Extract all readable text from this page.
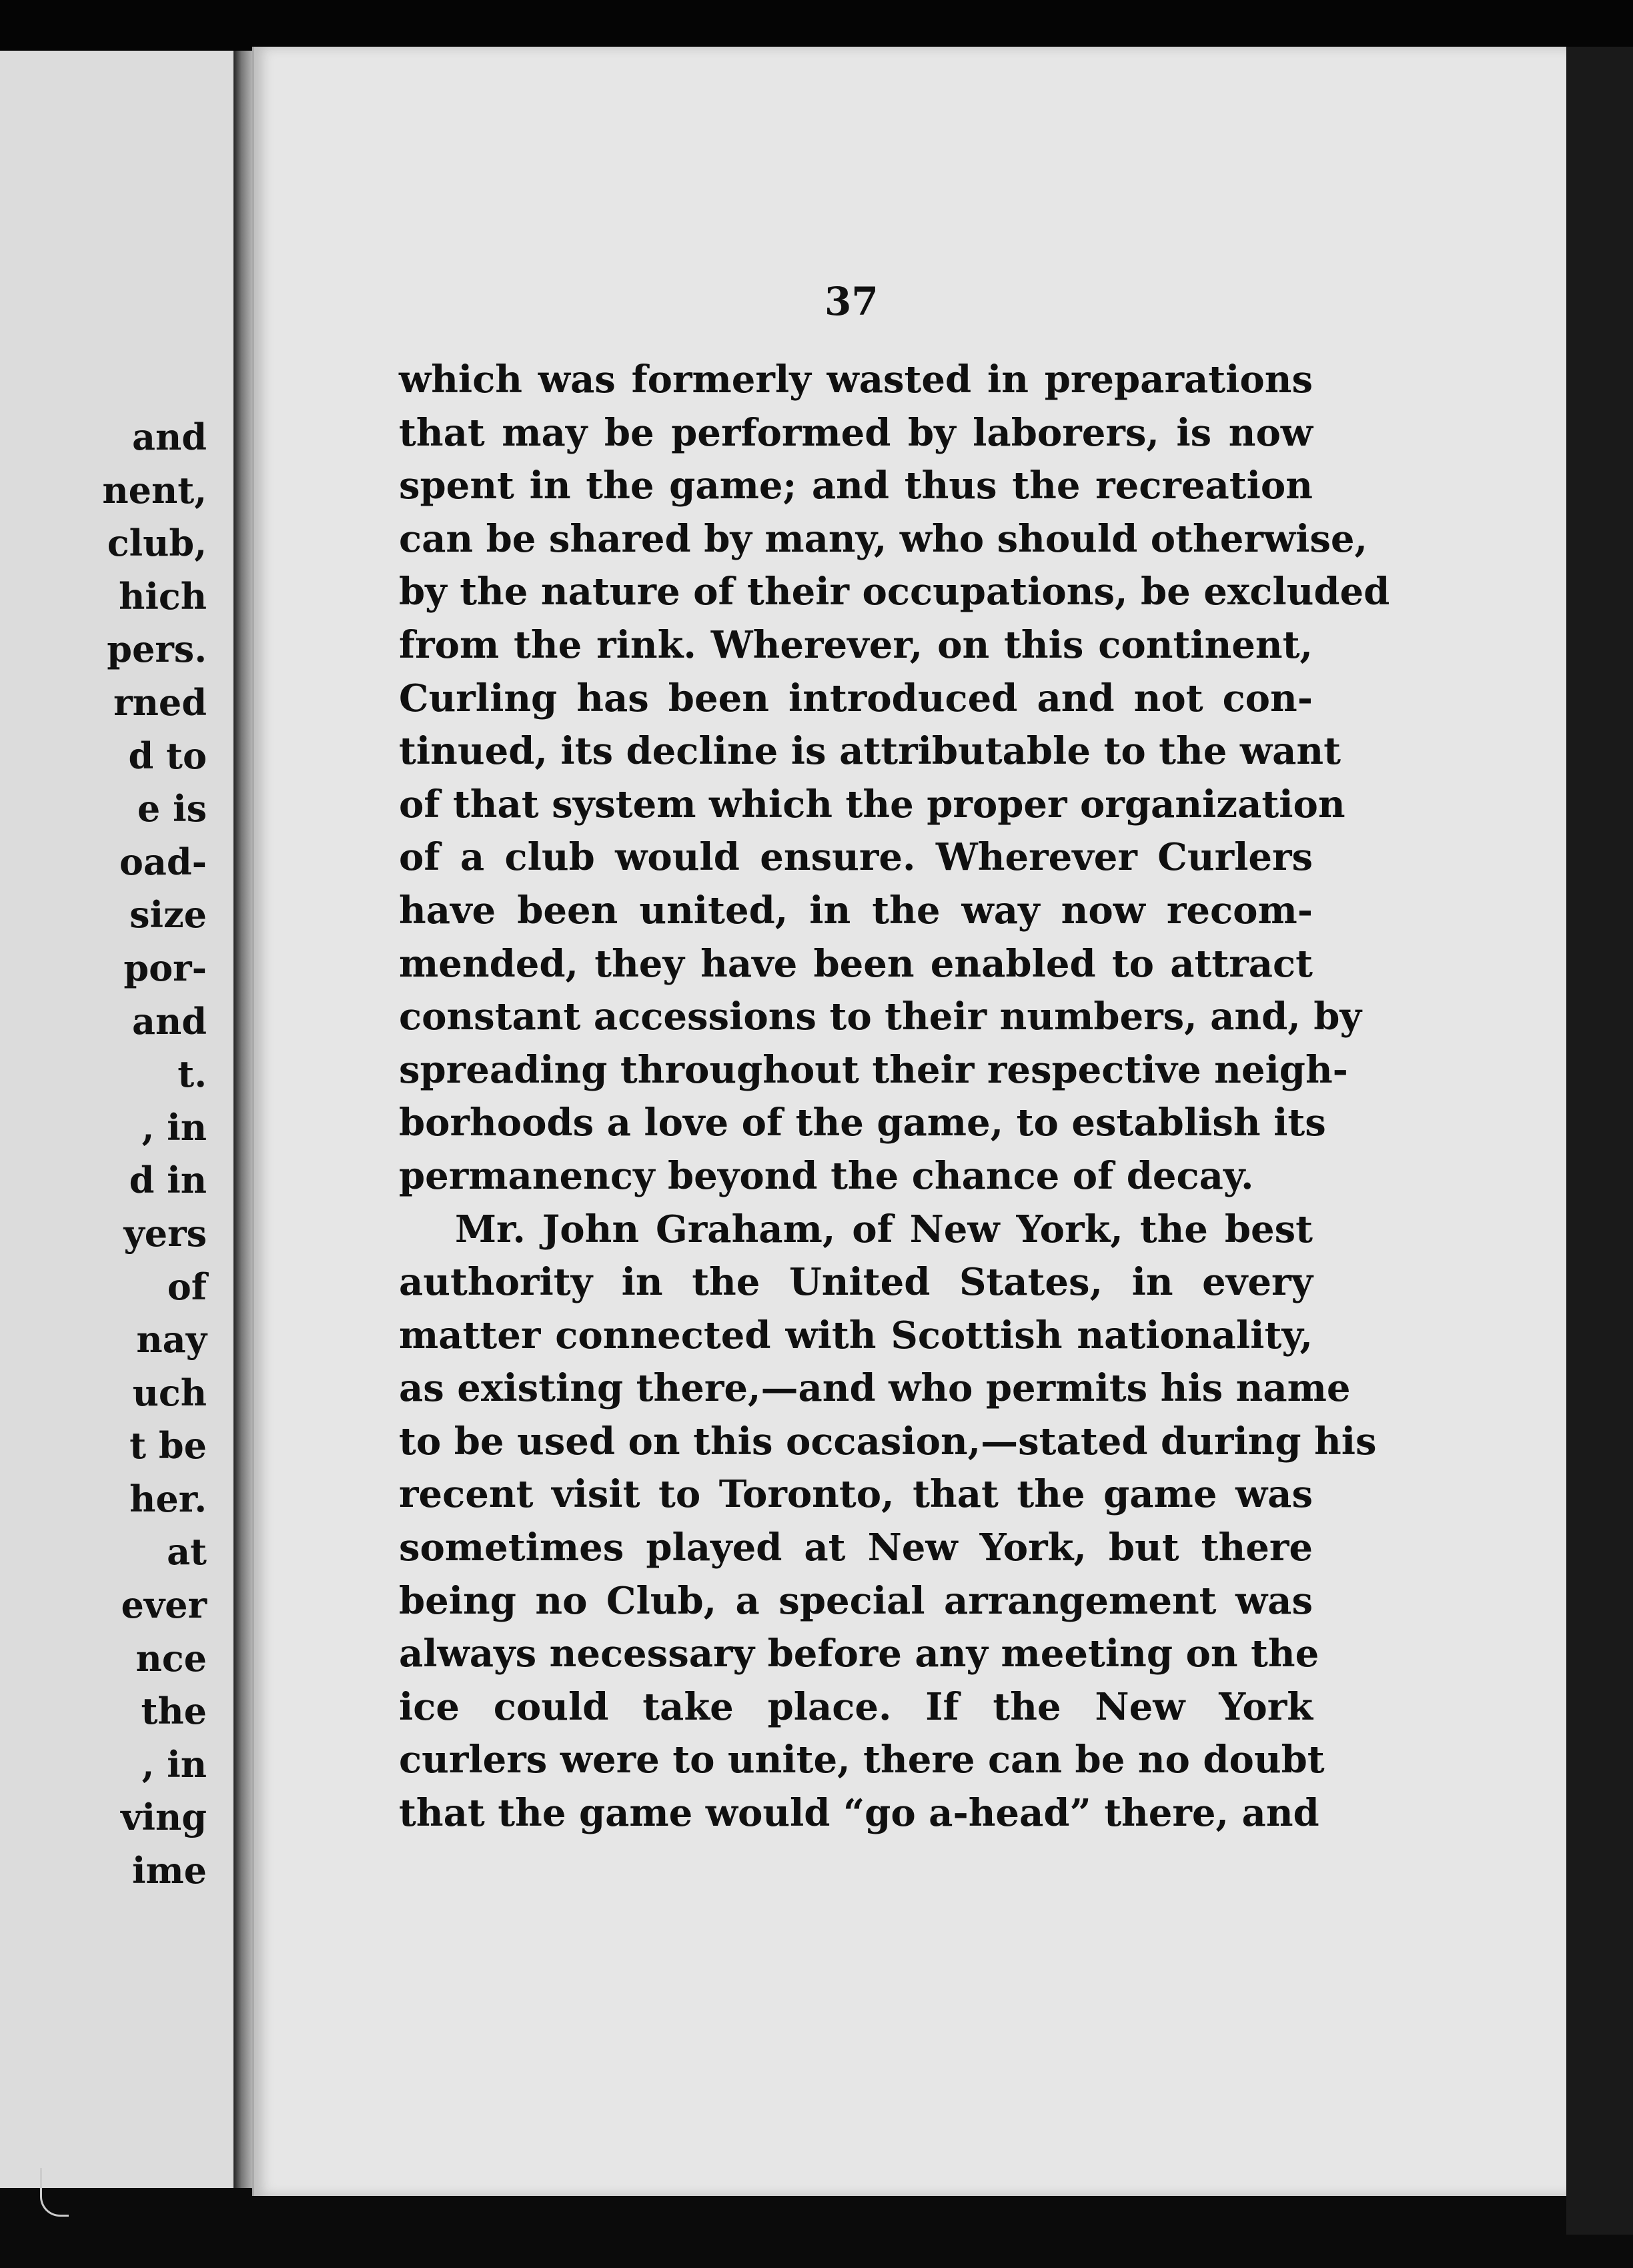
and
nent,
club,
hich
pers.
rned
d to
e is
oad-
size
por-
and
t.
, in
d in
yers
of
nay
uch
t be
her.
at
ever
nce
the
, in
ving
ime
37
which was formerly wasted in preparations
that may be performed by laborers, is now
spent in the game; and thus the recreation
can be shared by many, who should otherwise,
by the nature of their occupations, be excluded
from the rink. Wherever, on this continent,
Curling has been introduced and not con-
tinued, its decline is attributable to the want
of that system which the proper organization
of a club would ensure. Wherever Curlers
have been united, in the way now recom-
mended, they have been enabled to attract
constant accessions to their numbers, and, by
spreading throughout their respective neigh-
borhoods a love of the game, to establish its
permanency beyond the chance of decay.
Mr. John Graham, of New York, the best
authority in the United States, in every
matter connected with Scottish nationality,
as existing there,—and who permits his name
to be used on this occasion,—stated during his
recent visit to Toronto, that the game was
sometimes played at New York, but there
being no Club, a special arrangement was
always necessary before any meeting on the
ice could take place. If the New York
curlers were to unite, there can be no doubt
that the game would “go a-head” there, and
